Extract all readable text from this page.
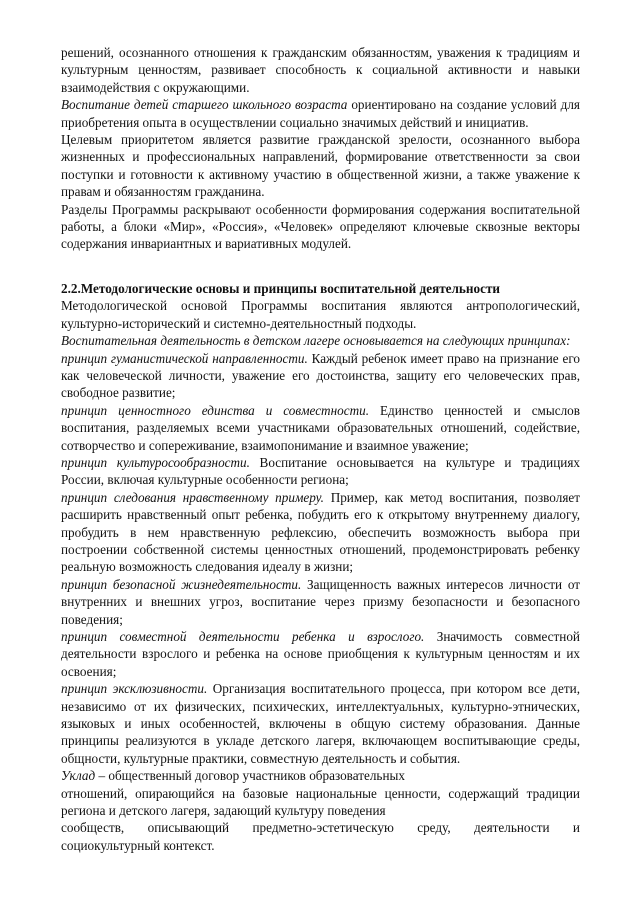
решений, осознанного отношения к гражданским обязанностям, уважения к традициям и культурным ценностям, развивает способность к социальной активности и навыки взаимодействия с окружающими.

Воспитание детей старшего школьного возраста ориентировано на создание условий для приобретения опыта в осуществлении социально значимых действий и инициатив.

Целевым приоритетом является развитие гражданской зрелости, осознанного выбора жизненных и профессиональных направлений, формирование ответственности за свои поступки и готовности к активному участию в общественной жизни, а также уважение к правам и обязанностям гражданина.

Разделы Программы раскрывают особенности формирования содержания воспитательной работы, а блоки «Мир», «Россия», «Человек» определяют ключевые сквозные векторы содержания инвариантных и вариативных модулей.

2.2.Методологические основы и принципы воспитательной деятельности

Методологической основой Программы воспитания являются антропологический, культурно-исторический и системно-деятельностный подходы.

Воспитательная деятельность в детском лагере основывается на следующих принципах:

принцип гуманистической направленности. Каждый ребенок имеет право на признание его как человеческой личности, уважение его достоинства, защиту его человеческих прав, свободное развитие;

принцип ценностного единства и совместности. Единство ценностей и смыслов воспитания, разделяемых всеми участниками образовательных отношений, содействие, сотворчество и сопереживание, взаимопонимание и взаимное уважение;

принцип культуросообразности. Воспитание основывается на культуре и традициях России, включая культурные особенности региона;

принцип следования нравственному примеру. Пример, как метод воспитания, позволяет расширить нравственный опыт ребенка, побудить его к открытому внутреннему диалогу, пробудить в нем нравственную рефлексию, обеспечить возможность выбора при построении собственной системы ценностных отношений, продемонстрировать ребенку реальную возможность следования идеалу в жизни;

принцип безопасной жизнедеятельности. Защищенность важных интересов личности от внутренних и внешних угроз, воспитание через призму безопасности и безопасного поведения;

принцип совместной деятельности ребенка и взрослого. Значимость совместной деятельности взрослого и ребенка на основе приобщения к культурным ценностям и их освоения;

принцип эксклюзивности. Организация воспитательного процесса, при котором все дети, независимо от их физических, психических, интеллектуальных, культурно-этнических, языковых и иных особенностей, включены в общую систему образования. Данные принципы реализуются в укладе детского лагеря, включающем воспитывающие среды, общности, культурные практики, совместную деятельность и события.

Уклад – общественный договор участников образовательных

отношений, опирающийся на базовые национальные ценности, содержащий традиции региона и детского лагеря, задающий культуру поведения

сообществ, описывающий предметно-эстетическую среду, деятельности и социокультурный контекст.
